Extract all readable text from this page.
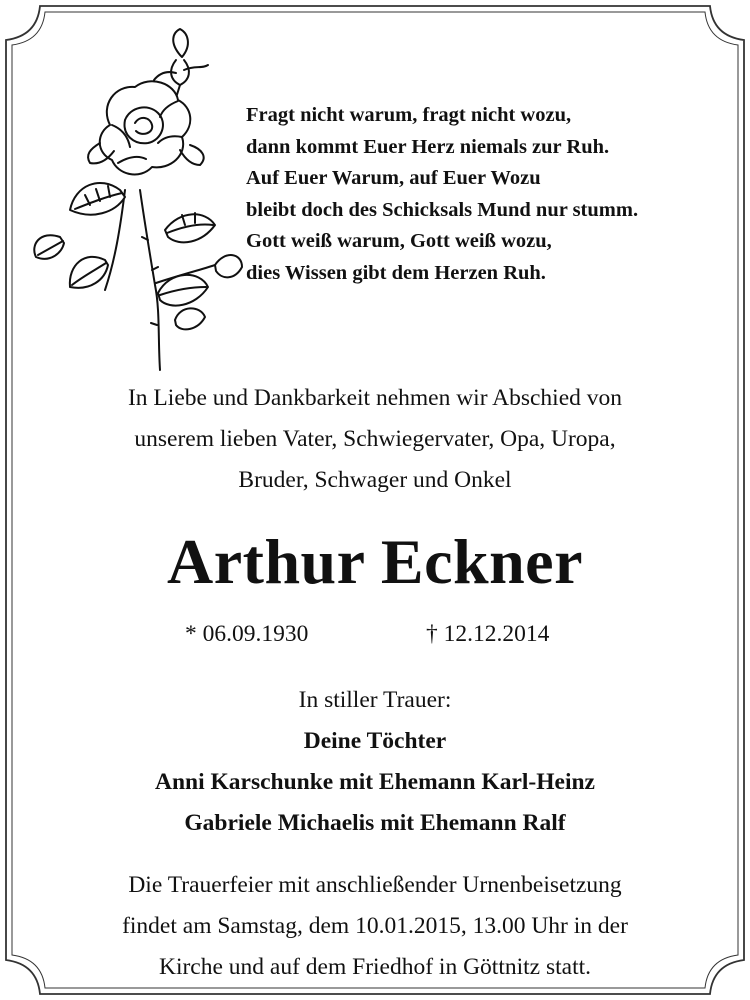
Fragt nicht warum, fragt nicht wozu,
dann kommt Euer Herz niemals zur Ruh.
Auf Euer Warum, auf Euer Wozu
bleibt doch des Schicksals Mund nur stumm.
Gott weiß warum, Gott weiß wozu,
dies Wissen gibt dem Herzen Ruh.
In Liebe und Dankbarkeit nehmen wir Abschied von
unserem lieben Vater, Schwiegervater, Opa, Uropa,
Bruder, Schwager und Onkel
Arthur Eckner
* 06.09.1930	† 12.12.2014
In stiller Trauer:
Deine Töchter
Anni Karschunke mit Ehemann Karl-Heinz
Gabriele Michaelis mit Ehemann Ralf
Die Trauerfeier mit anschließender Urnenbeisetzung
findet am Samstag, dem 10.01.2015, 13.00 Uhr in der
Kirche und auf dem Friedhof in Göttnitz statt.
